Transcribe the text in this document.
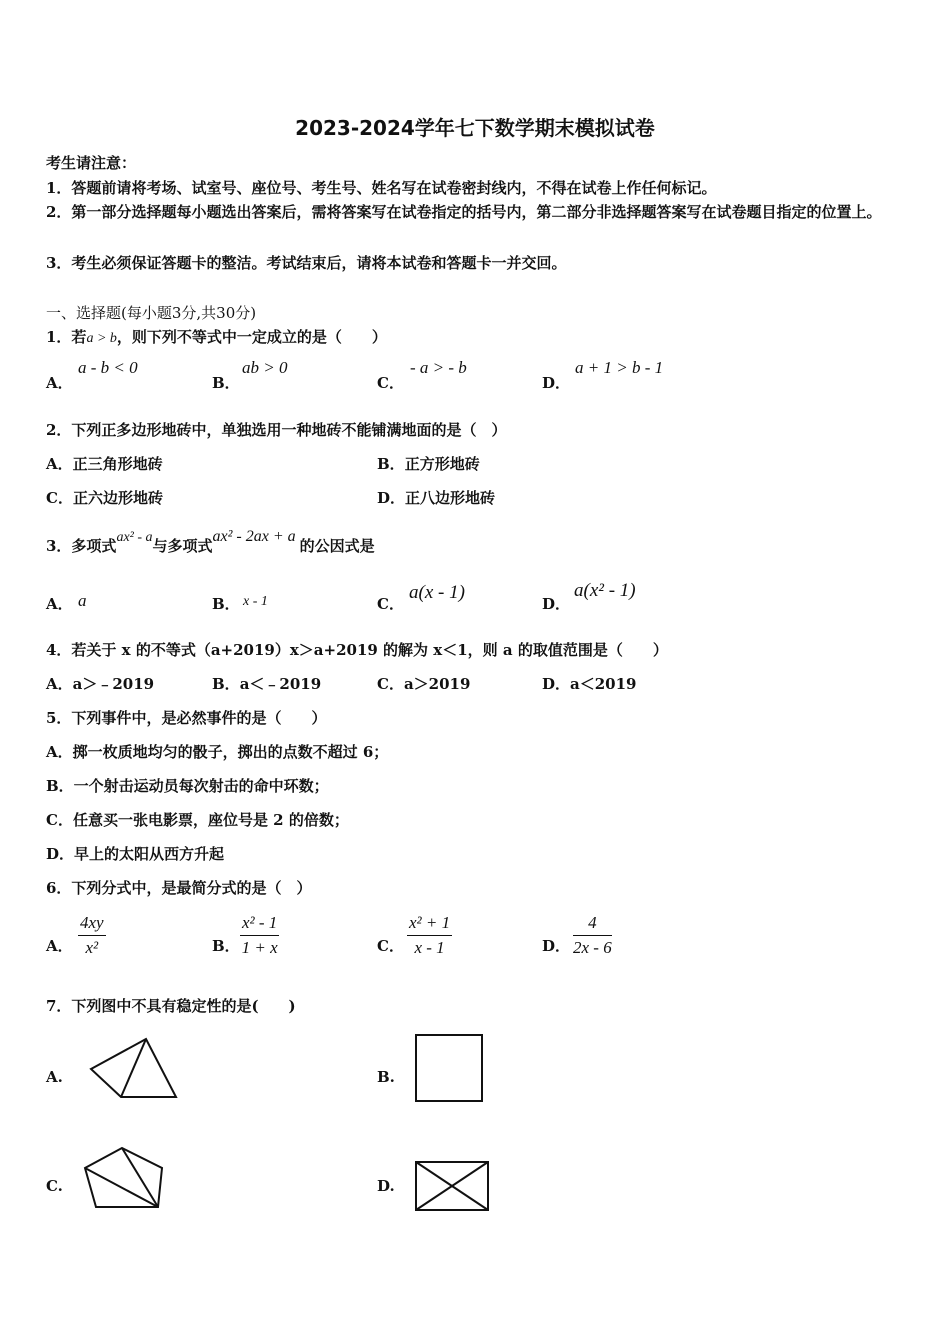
2023-2024学年七下数学期末模拟试卷
考生请注意：
1．答题前请将考场、试室号、座位号、考生号、姓名写在试卷密封线内，不得在试卷上作任何标记。
2．第一部分选择题每小题选出答案后，需将答案写在试卷指定的括号内，第二部分非选择题答案写在试卷题目指定的位置上。
3．考生必须保证答题卡的整洁。考试结束后，请将本试卷和答题卡一并交回。
一、选择题(每小题3分,共30分)
1．若a > b，则下列不等式中一定成立的是（　　）
A．
a - b < 0
B．
ab > 0
C．
- a > - b
D．
a + 1 > b - 1
2．下列正多边形地砖中，单独选用一种地砖不能铺满地面的是（　）
A．正三角形地砖	B．正方形地砖
C．正六边形地砖	D．正八边形地砖
3．多项式ax² - a与多项式ax² - 2ax + a的公因式是
A． a	B． x - 1	C．
a(x - 1)
D．
a(x² - 1)
4．若关于 x 的不等式（a+2019）x＞a+2019 的解为 x＜1，则 a 的取值范围是（　　）
A．a＞﹣2019	B．a＜﹣2019	C．a＞2019	D．a＜2019
5．下列事件中，是必然事件的是（　　）
A．掷一枚质地均匀的骰子，掷出的点数不超过 6；
B．一个射击运动员每次射击的命中环数；
C．任意买一张电影票，座位号是 2 的倍数；
D．早上的太阳从西方升起
6．下列分式中，是最简分式的是（　）
A． $\frac{4xy}{\text{x²}}$	B． $\frac{\text{x² - 1}}{1 + x}$	C． $\frac{\text{x² + 1}}{x - 1}$	D． $\frac{4}{2x - 6}$
7．下列图中不具有稳定性的是(　　)
A.	B.
C.	D.
